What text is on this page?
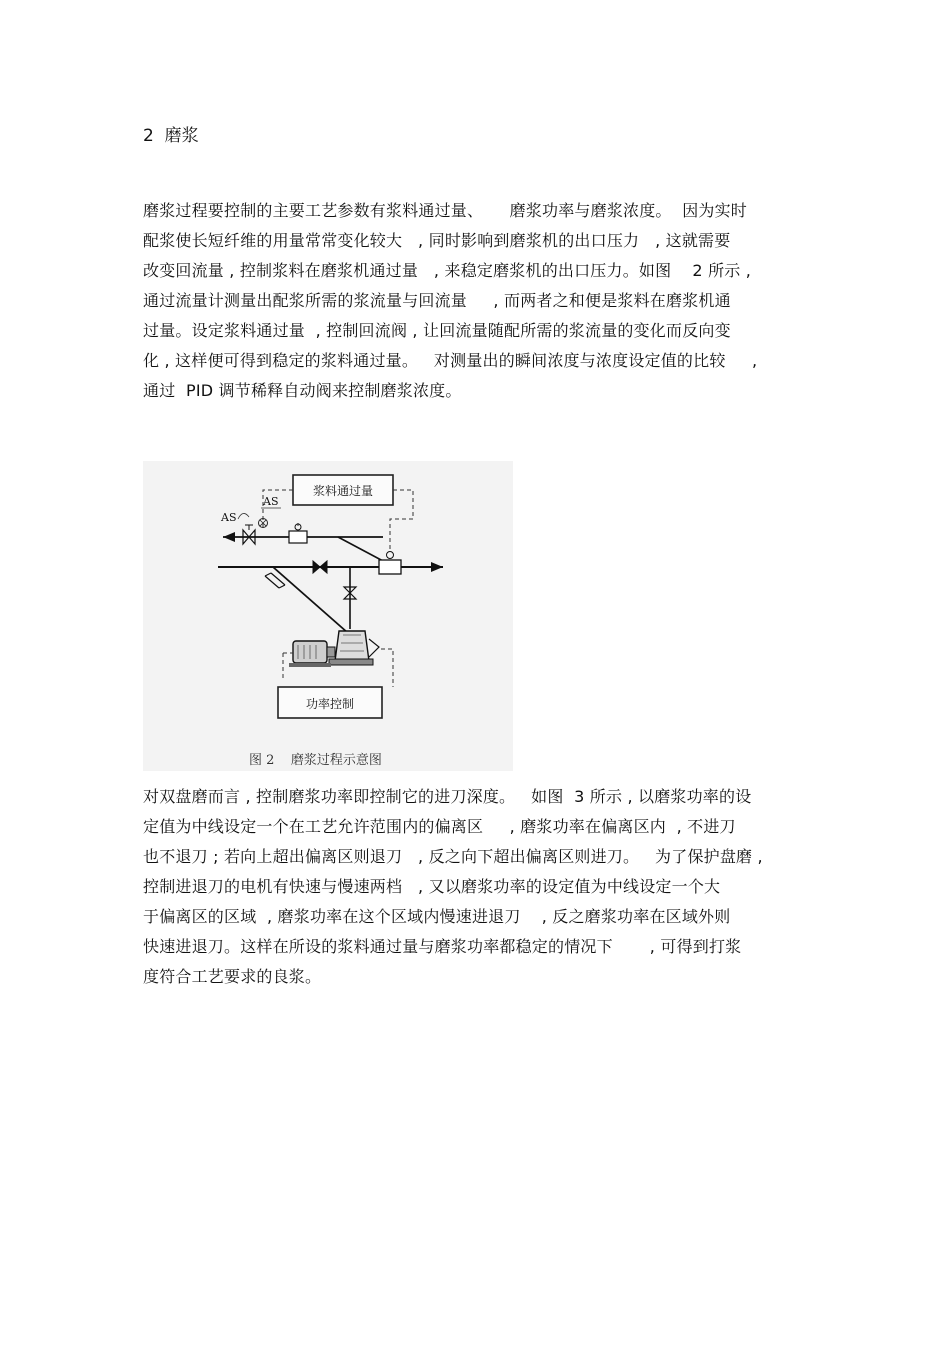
2  磨浆
磨浆过程要控制的主要工艺参数有浆料通过量、     磨浆功率与磨浆浓度。  因为实时
配浆使长短纤维的用量常常变化较大   , 同时影响到磨浆机的出口压力   , 这就需要
改变回流量 , 控制浆料在磨浆机通过量   , 来稳定磨浆机的出口压力。如图    2 所示 ,
通过流量计测量出配浆所需的浆流量与回流量     , 而两者之和便是浆料在磨浆机通
过量。设定浆料通过量  , 控制回流阀 , 让回流量随配所需的浆流量的变化而反向变
化 , 这样便可得到稳定的浆料通过量。   对测量出的瞬间浓度与浓度设定值的比较     ,
通过  PID 调节稀释自动阀来控制磨浆浓度。
浆料通过量
AS
AS
功率控制
图 2    磨浆过程示意图
对双盘磨而言 , 控制磨浆功率即控制它的进刀深度。   如图  3 所示 , 以磨浆功率的设
定值为中线设定一个在工艺允许范围内的偏离区     , 磨浆功率在偏离区内  , 不进刀
也不退刀 ; 若向上超出偏离区则退刀   , 反之向下超出偏离区则进刀。   为了保护盘磨 ,
控制进退刀的电机有快速与慢速两档   , 又以磨浆功率的设定值为中线设定一个大
于偏离区的区域  , 磨浆功率在这个区域内慢速进退刀    , 反之磨浆功率在区域外则
快速进退刀。这样在所设的浆料通过量与磨浆功率都稳定的情况下       , 可得到打浆
度符合工艺要求的良浆。
